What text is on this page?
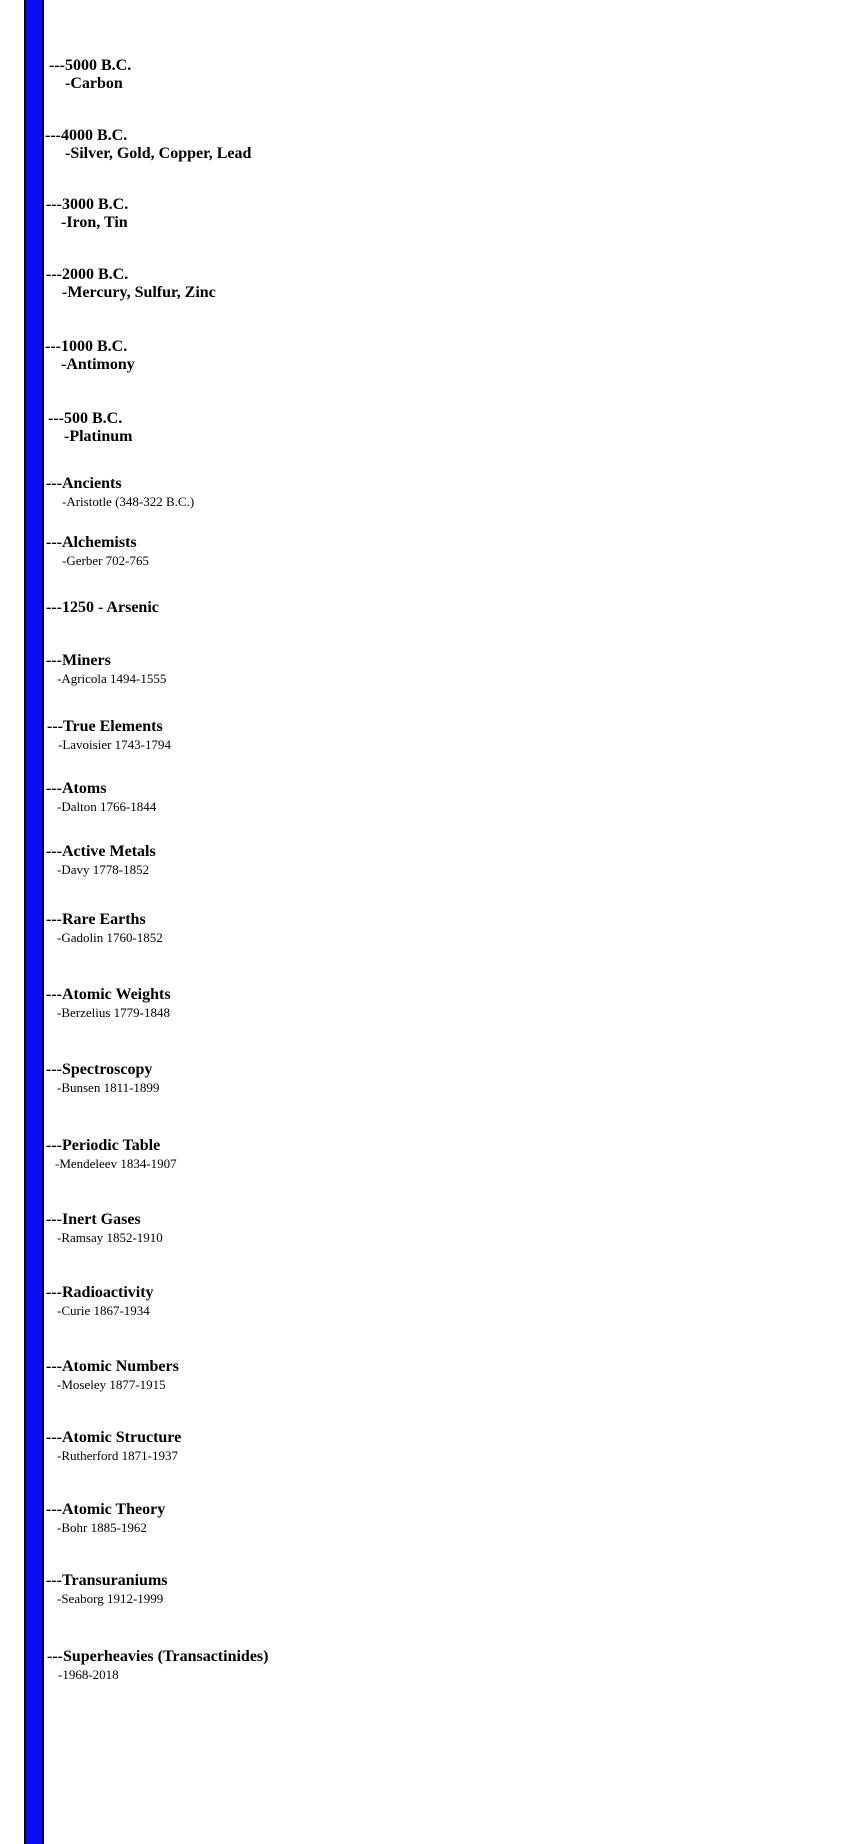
---5000 B.C.
-Carbon
---4000 B.C.
-Silver, Gold, Copper, Lead
---3000 B.C.
-Iron, Tin
---2000 B.C.
-Mercury, Sulfur, Zinc
---1000 B.C.
-Antimony
---500 B.C.
-Platinum
---Ancients
-Aristotle (348-322 B.C.)
---Alchemists
-Gerber 702-765
---1250 - Arsenic
---Miners
-Agricola 1494-1555
---True Elements
-Lavoisier 1743-1794
---Atoms
-Dalton 1766-1844
---Active Metals
-Davy 1778-1852
---Rare Earths
-Gadolin 1760-1852
---Atomic Weights
-Berzelius 1779-1848
---Spectroscopy
-Bunsen 1811-1899
---Periodic Table
-Mendeleev 1834-1907
---Inert Gases
-Ramsay 1852-1910
---Radioactivity
-Curie 1867-1934
---Atomic Numbers
-Moseley 1877-1915
---Atomic Structure
-Rutherford 1871-1937
---Atomic Theory
-Bohr 1885-1962
---Transuraniums
-Seaborg 1912-1999
---Superheavies (Transactinides)
-1968-2018
